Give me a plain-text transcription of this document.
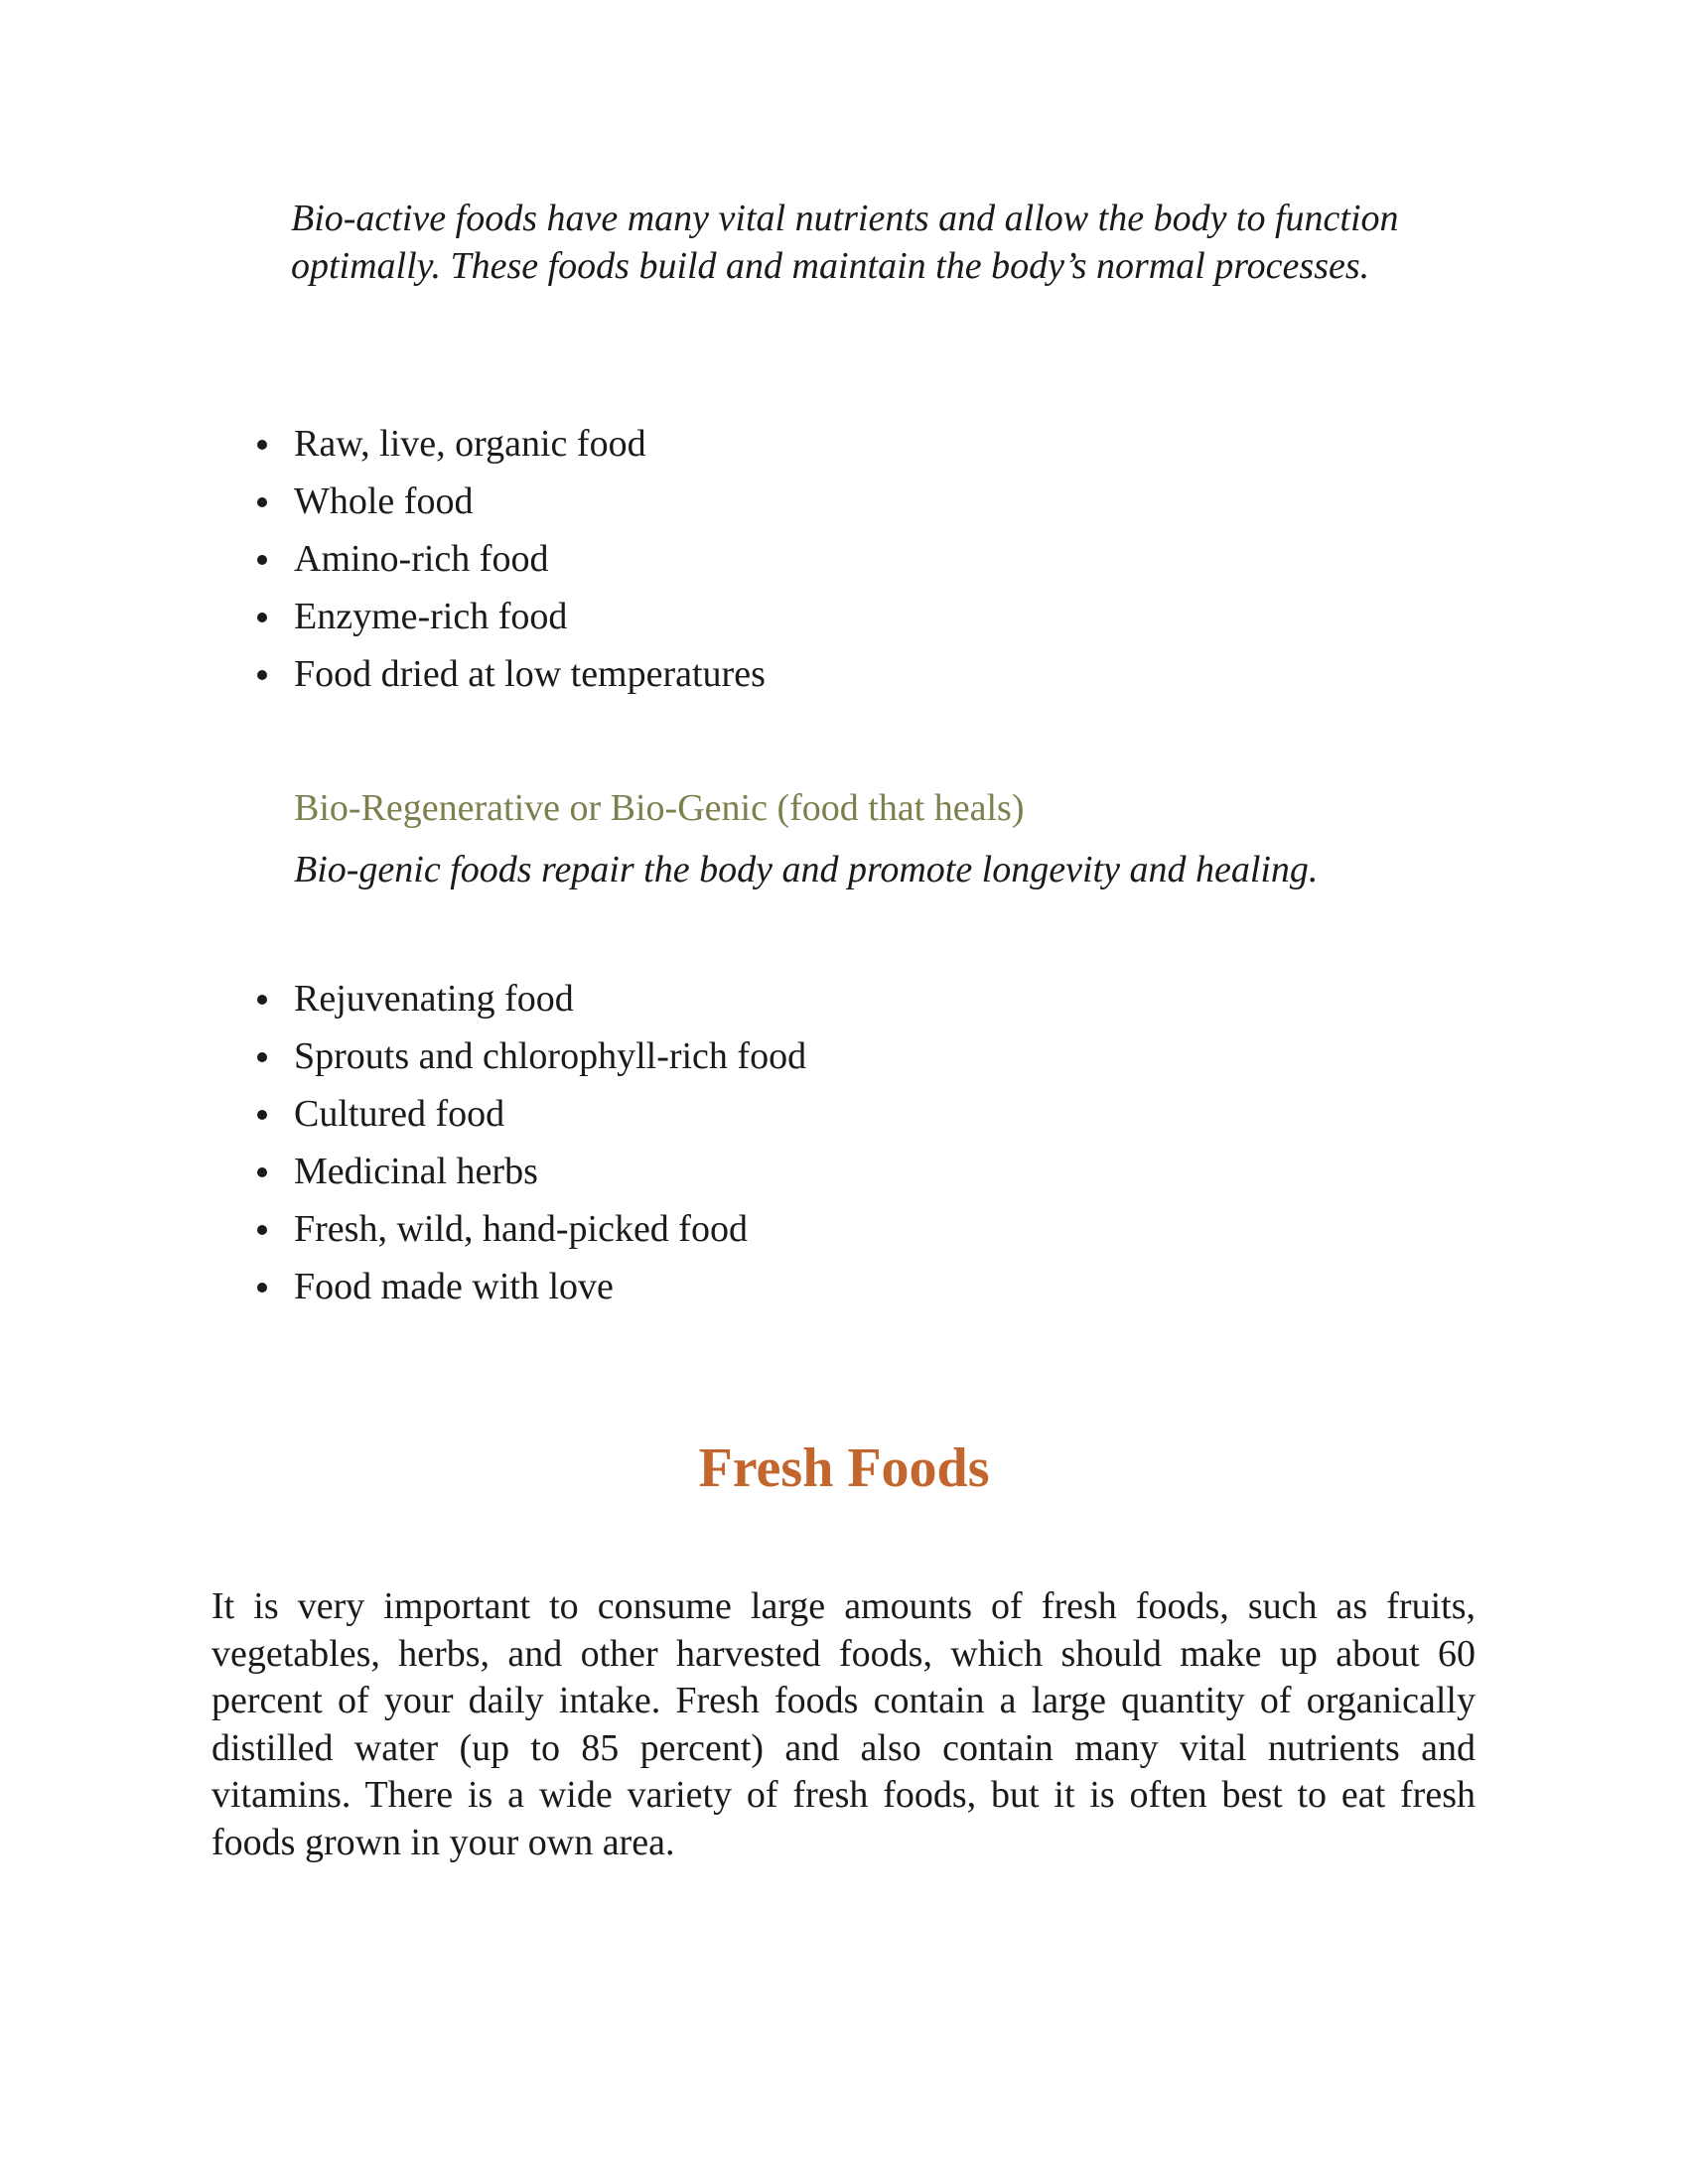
Bio-active foods have many vital nutrients and allow the body to function optimally. These foods build and maintain the body’s normal processes.

Raw, live, organic food
Whole food
Amino-rich food
Enzyme-rich food
Food dried at low temperatures

Bio-Regenerative or Bio-Genic (food that heals)

Bio-genic foods repair the body and promote longevity and healing.

Rejuvenating food
Sprouts and chlorophyll-rich food
Cultured food
Medicinal herbs
Fresh, wild, hand-picked food
Food made with love
Fresh Foods

It is very important to consume large amounts of fresh foods, such as fruits, vegetables, herbs, and other harvested foods, which should make up about 60 percent of your daily intake. Fresh foods contain a large quantity of organically distilled water (up to 85 percent) and also contain many vital nutrients and vitamins. There is a wide variety of fresh foods, but it is often best to eat fresh foods grown in your own area.
